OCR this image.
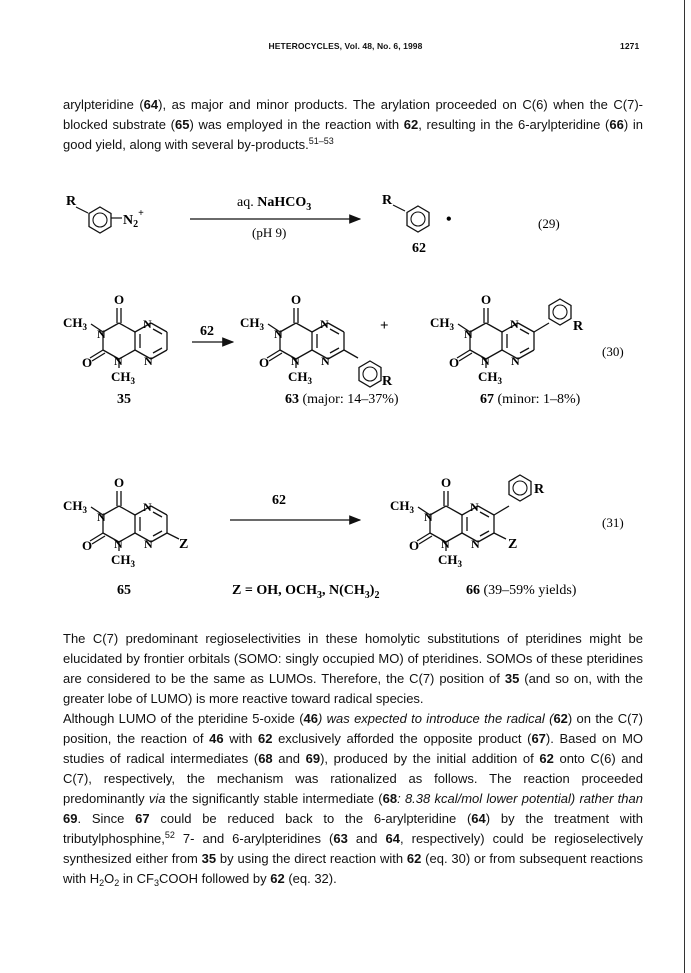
HETEROCYCLES, Vol. 48, No. 6, 1998	1271

arylpteridine (64), as major and minor products. The arylation proceeded on C(6) when the C(7)-blocked substrate (65) was employed in the reaction with 62, resulting in the 6-arylpteridine (66) in good yield, along with several by-products.$^{51-53}$

R
$N_2^+$
aq. NaHCO$_3$
(pH 9)
R
•
62
(29)
$CH_3$ N
O
O N
$CH_3$
N
N
35
62
$CH_3$ N
O
O N
$CH_3$
N
N
R
+	$CH_3$ N
O
O N
$CH_3$
N
N
R
(30)
63 (major: 14–37%)	67 (minor: 1–8%)
$CH_3$ N
O
O N
$CH_3$
N
N Z
62	$CH_3$ N
O
O N
$CH_3$
N
N
R
Z
(31)
65	Z = OH, $OCH_3$, $N(CH_3)_2$	66 (39–59% yields)

The C(7) predominant regioselectivities in these homolytic substitutions of pteridines might be elucidated by frontier orbitals (SOMO: singly occupied MO) of pteridines. SOMOs of these pteridines are considered to be the same as LUMOs. Therefore, the C(7) position of 35 (and so on, with the greater lobe of LUMO) is more reactive toward radical species.

Although LUMO of the pteridine 5-oxide (46) was expected to introduce the radical (62) on the C(7) position, the reaction of 46 with 62 exclusively afforded the opposite product (67). Based on MO studies of radical intermediates (68 and 69), produced by the initial addition of 62 onto C(6) and C(7), respectively, the mechanism was rationalized as follows. The reaction proceeded predominantly via the significantly stable intermediate (68: 8.38 kcal/mol lower potential) rather than 69. Since 67 could be reduced back to the 6-arylpteridine (64) by the treatment with tributylphosphine,$^{52}$ 7- and 6-arylpteridines (63 and 64, respectively) could be regioselectively synthesized either from 35 by using the direct reaction with 62 (eq. 30) or from subsequent reactions with $H_2O_2$ in $CF_3COOH$ followed by 62 (eq. 32).
